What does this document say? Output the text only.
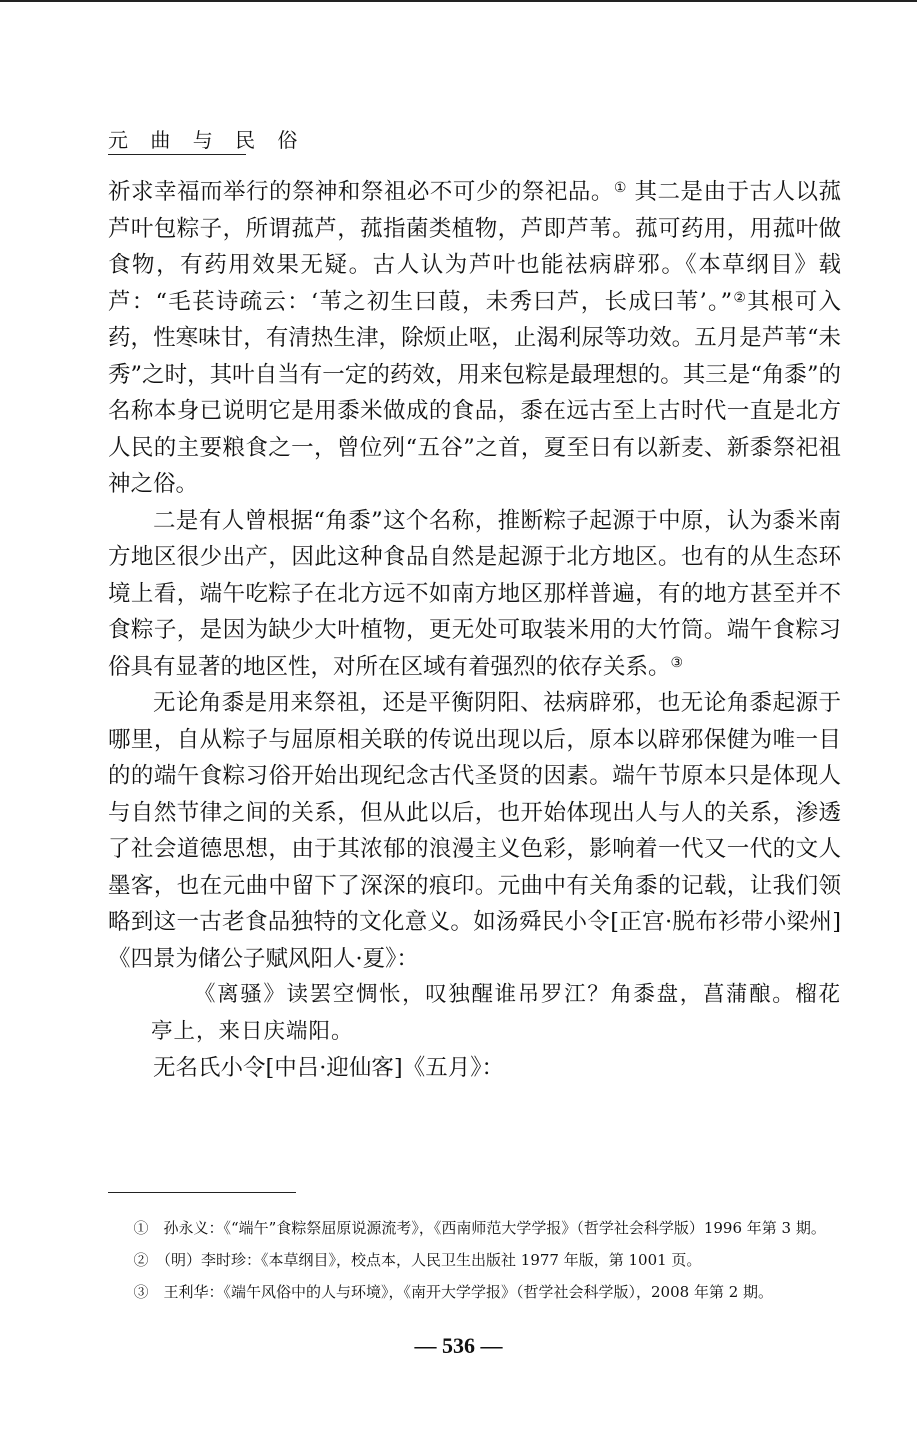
元 曲 与 民 俗

祈求幸福而举行的祭神和祭祖必不可少的祭祀品。① 其二是由于古人以菰芦叶包粽子，所谓菰芦，菰指菌类植物，芦即芦苇。菰可药用，用菰叶做食物，有药用效果无疑。古人认为芦叶也能祛病辟邪。《本草纲目》载芦：“毛苌诗疏云：‘苇之初生曰葭，未秀曰芦，长成曰苇’。”②其根可入药，性寒味甘，有清热生津，除烦止呕，止渴利尿等功效。五月是芦苇“未秀”之时，其叶自当有一定的药效，用来包粽是最理想的。其三是“角黍”的名称本身已说明它是用黍米做成的食品，黍在远古至上古时代一直是北方人民的主要粮食之一，曾位列“五谷”之首，夏至日有以新麦、新黍祭祀祖神之俗。

二是有人曾根据“角黍”这个名称，推断粽子起源于中原，认为黍米南方地区很少出产，因此这种食品自然是起源于北方地区。也有的从生态环境上看，端午吃粽子在北方远不如南方地区那样普遍，有的地方甚至并不食粽子，是因为缺少大叶植物，更无处可取装米用的大竹筒。端午食粽习俗具有显著的地区性，对所在区域有着强烈的依存关系。③

无论角黍是用来祭祖，还是平衡阴阳、祛病辟邪，也无论角黍起源于哪里，自从粽子与屈原相关联的传说出现以后，原本以辟邪保健为唯一目的的端午食粽习俗开始出现纪念古代圣贤的因素。端午节原本只是体现人与自然节律之间的关系，但从此以后，也开始体现出人与人的关系，渗透了社会道德思想，由于其浓郁的浪漫主义色彩，影响着一代又一代的文人墨客，也在元曲中留下了深深的痕印。元曲中有关角黍的记载，让我们领略到这一古老食品独特的文化意义。如汤舜民小令[正宫·脱布衫带小梁州]《四景为储公子赋风阳人·夏》：

《离骚》读罢空惆怅，叹独醒谁吊罗江？角黍盘，菖蒲酿。榴花亭上，来日庆端阳。

无名氏小令[中吕·迎仙客]《五月》：

①　孙永义：《“端午”食粽祭屈原说源流考》，《西南师范大学学报》（哲学社会科学版）1996 年第 3 期。

②　（明）李时珍：《本草纲目》，校点本，人民卫生出版社 1977 年版，第 1001 页。

③　王利华：《端午风俗中的人与环境》，《南开大学学报》（哲学社会科学版），2008 年第 2 期。

— 536 —
